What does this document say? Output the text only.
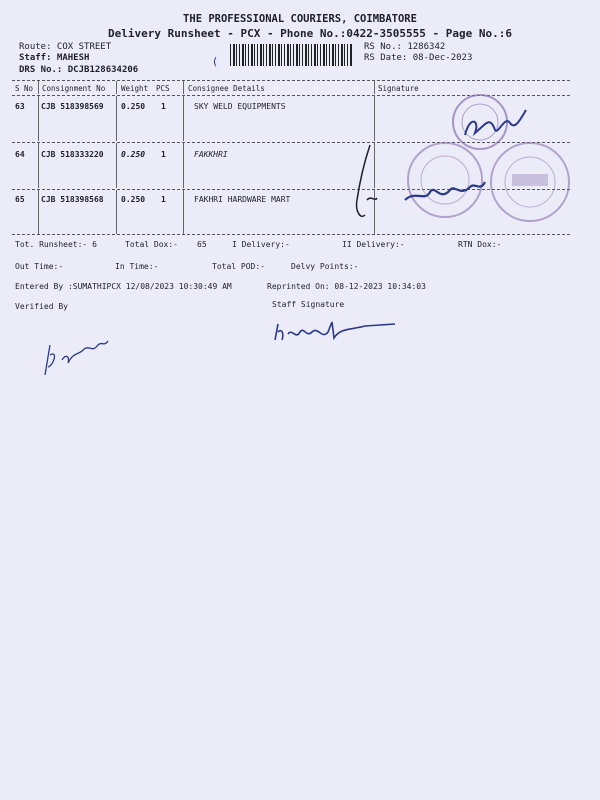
THE PROFESSIONAL COURIERS, COIMBATORE
Delivery Runsheet - PCX - Phone No.:0422-3505555 - Page No.:6
Route: COX STREET
Staff: MAHESH
DRS No.: DCJB128634206
(
RS No.: 1286342
RS Date: 08-Dec-2023
S No Consignment No Weight PCS Consignee Details	Signature
63 CJB 518398569 0.250 1	SKY WELD EQUIPMENTS
64 CJB 518333220 0.250 1	FAKKHRI
65 CJB 518398568 0.250 1	FAKHRI HARDWARE MART
Tot. Runsheet:- 6	Total Dox:- 65	I Delivery:-	II Delivery:-	RTN Dox:-
Out Time:-	In Time:-	Total POD:-	Delvy Points:-
Entered By :SUMATHIPCX 12/08/2023 10:30:49 AM	Reprinted On: 08-12-2023 10:34:03
Verified By	Staff Signature
